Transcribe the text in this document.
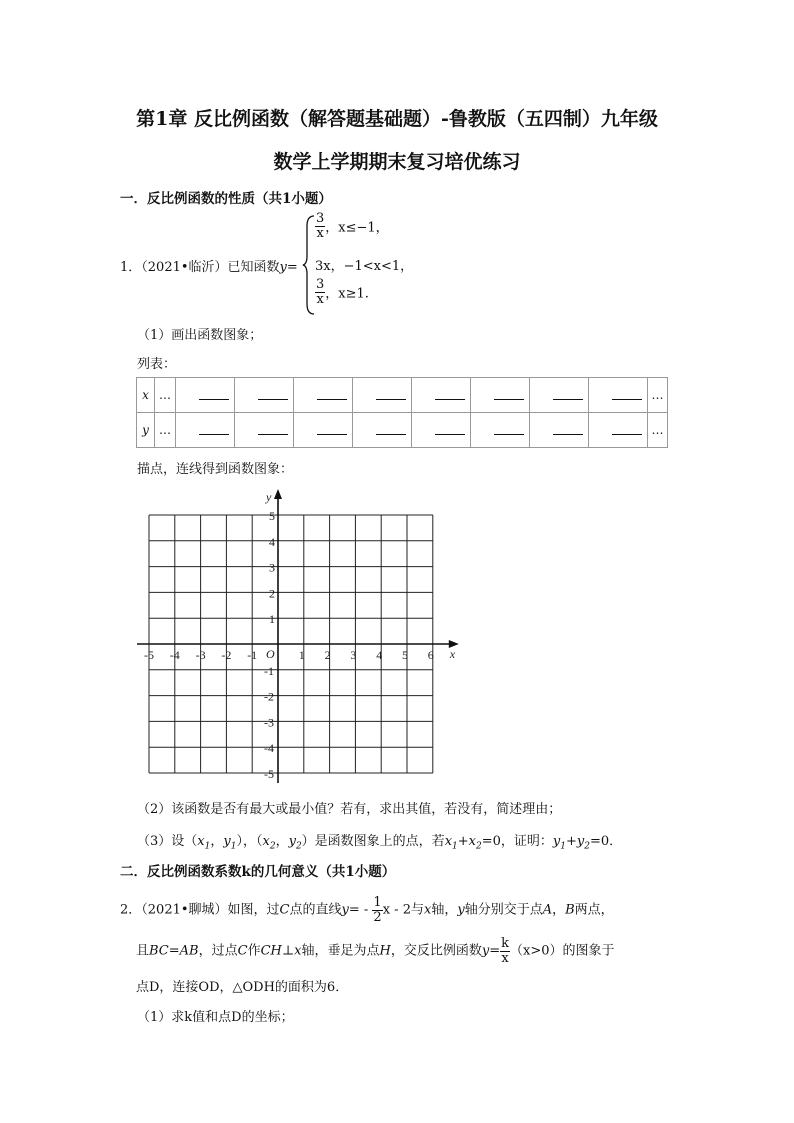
第1章 反比例函数（解答题基础题）-鲁教版（五四制）九年级
数学上学期期末复习培优练习
一．反比例函数的性质（共1小题）
1．（2021•临沂）已知函数y=
$\frac{3}{x}$ ，x≤−1，
3x，−1<x<1，
$\frac{3}{x}$ ，x≥1.
（1）画出函数图象；
列表：
x	…									…
y	…									…
描点，连线得到函数图象：
-5 -4 -3 -2 -1	1 2 3 4 5 6
5
4
3
2
1
-1
-2
-3
-4
-5
O	x
y
（2）该函数是否有最大或最小值？若有，求出其值，若没有，简述理由；
（3）设（$x_1$，$y_1$），（$x_2$，$y_2$）是函数图象上的点，若$x_1+x_2=0$，证明：$y_1+y_2=0$．
二．反比例函数系数k的几何意义（共1小题）
2．（2021•聊城）如图，过C点的直线$y= - \frac{1}{2}$ x - 2与x轴，y轴分别交于点A，B两点，
且BC=AB，过点C作CH⊥x轴，垂足为点H，交反比例函数$y= \frac{k}{x} (x>0)$的图象于
点D，连接OD，△ODH的面积为6．
（1）求k值和点D的坐标；
